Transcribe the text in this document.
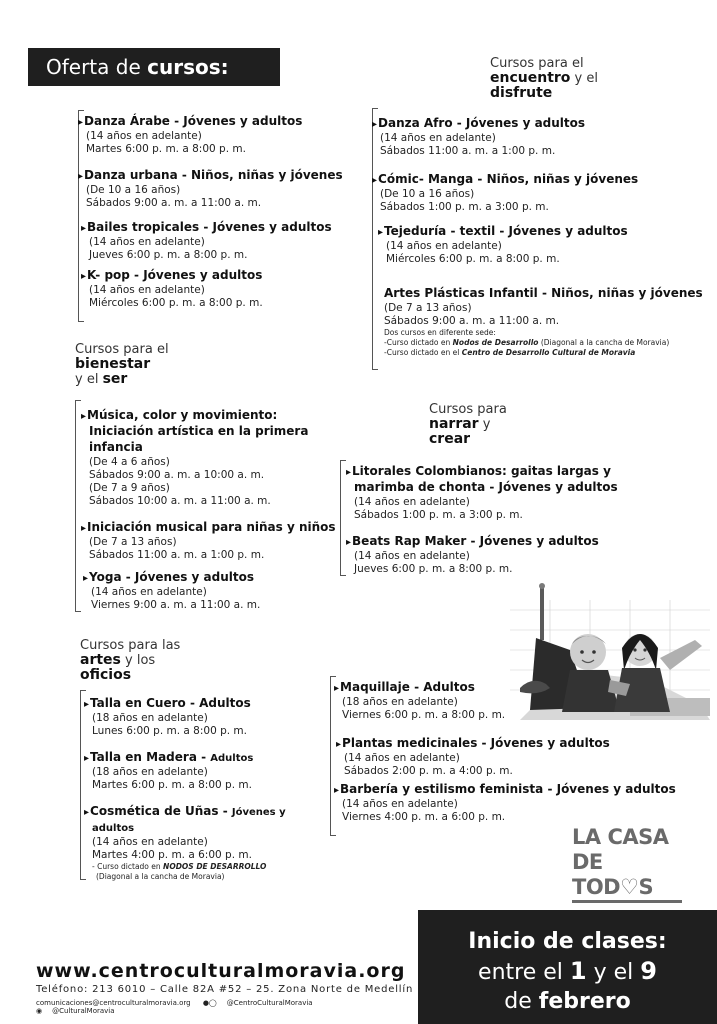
Oferta de cursos:	Cursos para el
encuentro y el
disfrute
Cursos para el
bienestar
y el ser
Cursos para
narrar y
crear
Cursos para las
artes y los
oficios
▸ Danza Árabe - Jóvenes y adultos
(14 años en adelante)
Martes 6:00 p. m. a 8:00 p. m.
▸ Danza urbana - Niños, niñas y jóvenes
(De 10 a 16 años)
Sábados 9:00 a. m. a 11:00 a. m.
▸ Bailes tropicales - Jóvenes y adultos
(14 años en adelante)
Jueves 6:00 p. m. a 8:00 p. m.
▸ K- pop - Jóvenes y adultos
(14 años en adelante)
Miércoles 6:00 p. m. a 8:00 p. m.
▸ Danza Afro - Jóvenes y adultos
(14 años en adelante)
Sábados 11:00 a. m. a 1:00 p. m.
▸ Cómic- Manga - Niños, niñas y jóvenes
(De 10 a 16 años)
Sábados 1:00 p. m. a 3:00 p. m.
▸ Tejeduría - textil - Jóvenes y adultos
(14 años en adelante)
Miércoles 6:00 p. m. a 8:00 p. m.
Artes Plásticas Infantil - Niños, niñas y jóvenes
(De 7 a 13 años)
Sábados 9:00 a. m. a 11:00 a. m.
Dos cursos en diferente sede:
-Curso dictado en Nodos de Desarrollo (Diagonal a la cancha de Moravia)
-Curso dictado en el Centro de Desarrollo Cultural de Moravia
▸ Música, color y movimiento:
Iniciación artística en la primera
infancia
(De 4 a 6 años)
Sábados 9:00 a. m. a 10:00 a. m.
(De 7 a 9 años)
Sábados 10:00 a. m. a 11:00 a. m.
▸ Iniciación musical para niñas y niños
(De 7 a 13 años)
Sábados 11:00 a. m. a 1:00 p. m.
▸ Yoga - Jóvenes y adultos
(14 años en adelante)
Viernes 9:00 a. m. a 11:00 a. m.
▸ Litorales Colombianos: gaitas largas y
marimba de chonta - Jóvenes y adultos
(14 años en adelante)
Sábados 1:00 p. m. a 3:00 p. m.
▸ Beats Rap Maker - Jóvenes y adultos
(14 años en adelante)
Jueves 6:00 p. m. a 8:00 p. m.
▸ Talla en Cuero - Adultos
(18 años en adelante)
Lunes 6:00 p. m. a 8:00 p. m.
▸ Talla en Madera - Adultos
(18 años en adelante)
Martes 6:00 p. m. a 8:00 p. m.
▸ Cosmética de Uñas - Jóvenes y adultos
(14 años en adelante)
Martes 4:00 p. m. a 6:00 p. m.
- Curso dictado en NODOS DE DESARROLLO
(Diagonal a la cancha de Moravia)
▸ Maquillaje - Adultos
(18 años en adelante)
Viernes 6:00 p. m. a 8:00 p. m.
▸ Plantas medicinales - Jóvenes y adultos
(14 años en adelante)
Sábados 2:00 p. m. a 4:00 p. m.
▸ Barbería y estilismo feminista - Jóvenes y adultos
(14 años en adelante)
Viernes 4:00 p. m. a 6:00 p. m.
LA CASA
DE TOD♡S
www.centroculturalmoravia.org
Teléfono: 213 6010 – Calle 82A #52 – 25. Zona Norte de Medellín
comunicaciones@centroculturalmoravia.org ●◯ @CentroCulturalMoravia ◉ @CulturalMoravia
Inicio de clases:
entre el 1 y el 9
de febrero
